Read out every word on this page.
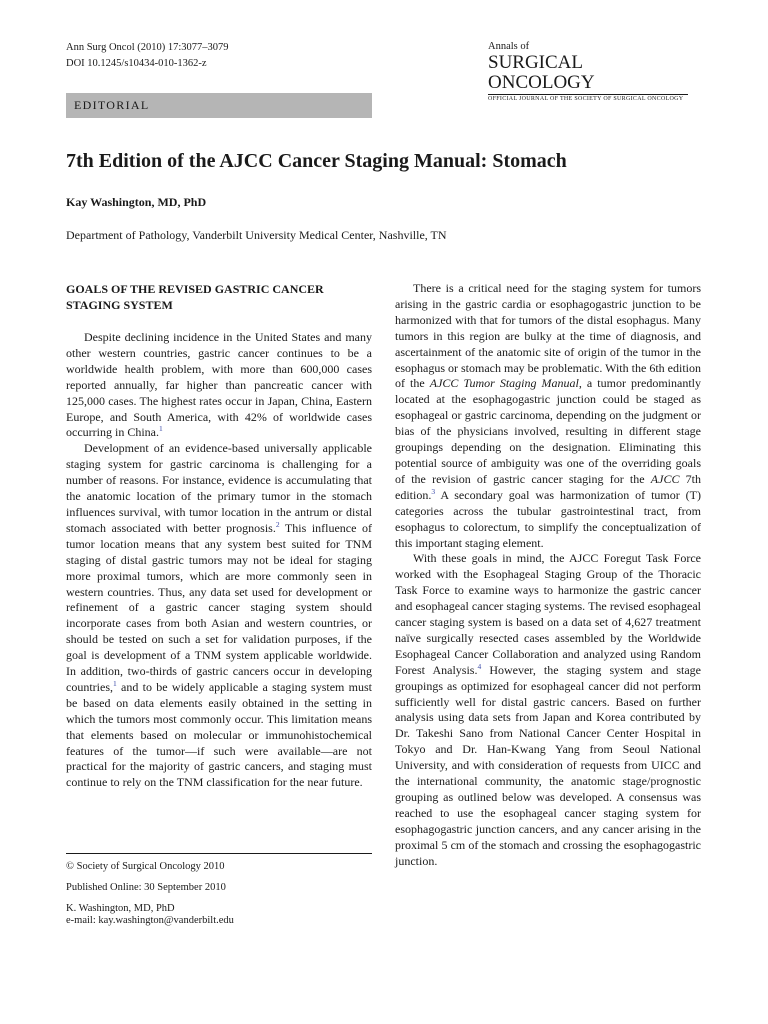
Ann Surg Oncol (2010) 17:3077–3079
DOI 10.1245/s10434-010-1362-z
Annals of
SURGICAL ONCOLOGY
OFFICIAL JOURNAL OF THE SOCIETY OF SURGICAL ONCOLOGY
EDITORIAL
7th Edition of the AJCC Cancer Staging Manual: Stomach
Kay Washington, MD, PhD
Department of Pathology, Vanderbilt University Medical Center, Nashville, TN
GOALS OF THE REVISED GASTRIC CANCER STAGING SYSTEM

Despite declining incidence in the United States and many other western countries, gastric cancer continues to be a worldwide health problem, with more than 600,000 cases reported annually, far higher than pancreatic cancer with 125,000 cases. The highest rates occur in Japan, China, Eastern Europe, and South America, with 42% of worldwide cases occurring in China.$^1$

Development of an evidence-based universally applicable staging system for gastric carcinoma is challenging for a number of reasons. For instance, evidence is accumulating that the anatomic location of the primary tumor in the stomach influences survival, with tumor location in the antrum or distal stomach associated with better prognosis.$^2$ This influence of tumor location means that any system best suited for TNM staging of distal gastric tumors may not be ideal for staging more proximal tumors, which are more commonly seen in western countries. Thus, any data set used for development or refinement of a gastric cancer staging system should incorporate cases from both Asian and western countries, or should be tested on such a set for validation purposes, if the goal is development of a TNM system applicable worldwide. In addition, two-thirds of gastric cancers occur in developing countries,$^1$ and to be widely applicable a staging system must be based on data elements easily obtained in the setting in which the tumors most commonly occur. This limitation means that elements based on molecular or immunohistochemical features of the tumor—if such were available—are not practical for the majority of gastric cancers, and staging must continue to rely on the TNM classification for the near future.

There is a critical need for the staging system for tumors arising in the gastric cardia or esophagogastric junction to be harmonized with that for tumors of the distal esophagus. Many tumors in this region are bulky at the time of diagnosis, and ascertainment of the anatomic site of origin of the tumor in the esophagus or stomach may be problematic. With the 6th edition of the AJCC Tumor Staging Manual, a tumor predominantly located at the esophagogastric junction could be staged as esophageal or gastric carcinoma, depending on the judgment or bias of the physicians involved, resulting in different stage groupings depending on the designation. Eliminating this potential source of ambiguity was one of the overriding goals of the revision of gastric cancer staging for the AJCC 7th edition.$^3$ A secondary goal was harmonization of tumor (T) categories across the tubular gastrointestinal tract, from esophagus to colorectum, to simplify the conceptualization of this important staging element.

With these goals in mind, the AJCC Foregut Task Force worked with the Esophageal Staging Group of the Thoracic Task Force to examine ways to harmonize the gastric cancer and esophageal cancer staging systems. The revised esophageal cancer staging system is based on a data set of 4,627 treatment naïve surgically resected cases assembled by the Worldwide Esophageal Cancer Collaboration and analyzed using Random Forest Analysis.$^4$ However, the staging system and stage groupings as optimized for esophageal cancer did not perform sufficiently well for distal gastric cancers. Based on further analysis using data sets from Japan and Korea contributed by Dr. Takeshi Sano from National Cancer Center Hospital in Tokyo and Dr. Han-Kwang Yang from Seoul National University, and with consideration of requests from UICC and the international community, the anatomic stage/prognostic grouping as outlined below was developed. A consensus was reached to use the esophageal cancer staging system for esophagogastric junction cancers, and any cancer arising in the proximal 5 cm of the stomach and crossing the esophagogastric junction.

© Society of Surgical Oncology 2010
Published Online: 30 September 2010
K. Washington, MD, PhD
e-mail: kay.washington@vanderbilt.edu
